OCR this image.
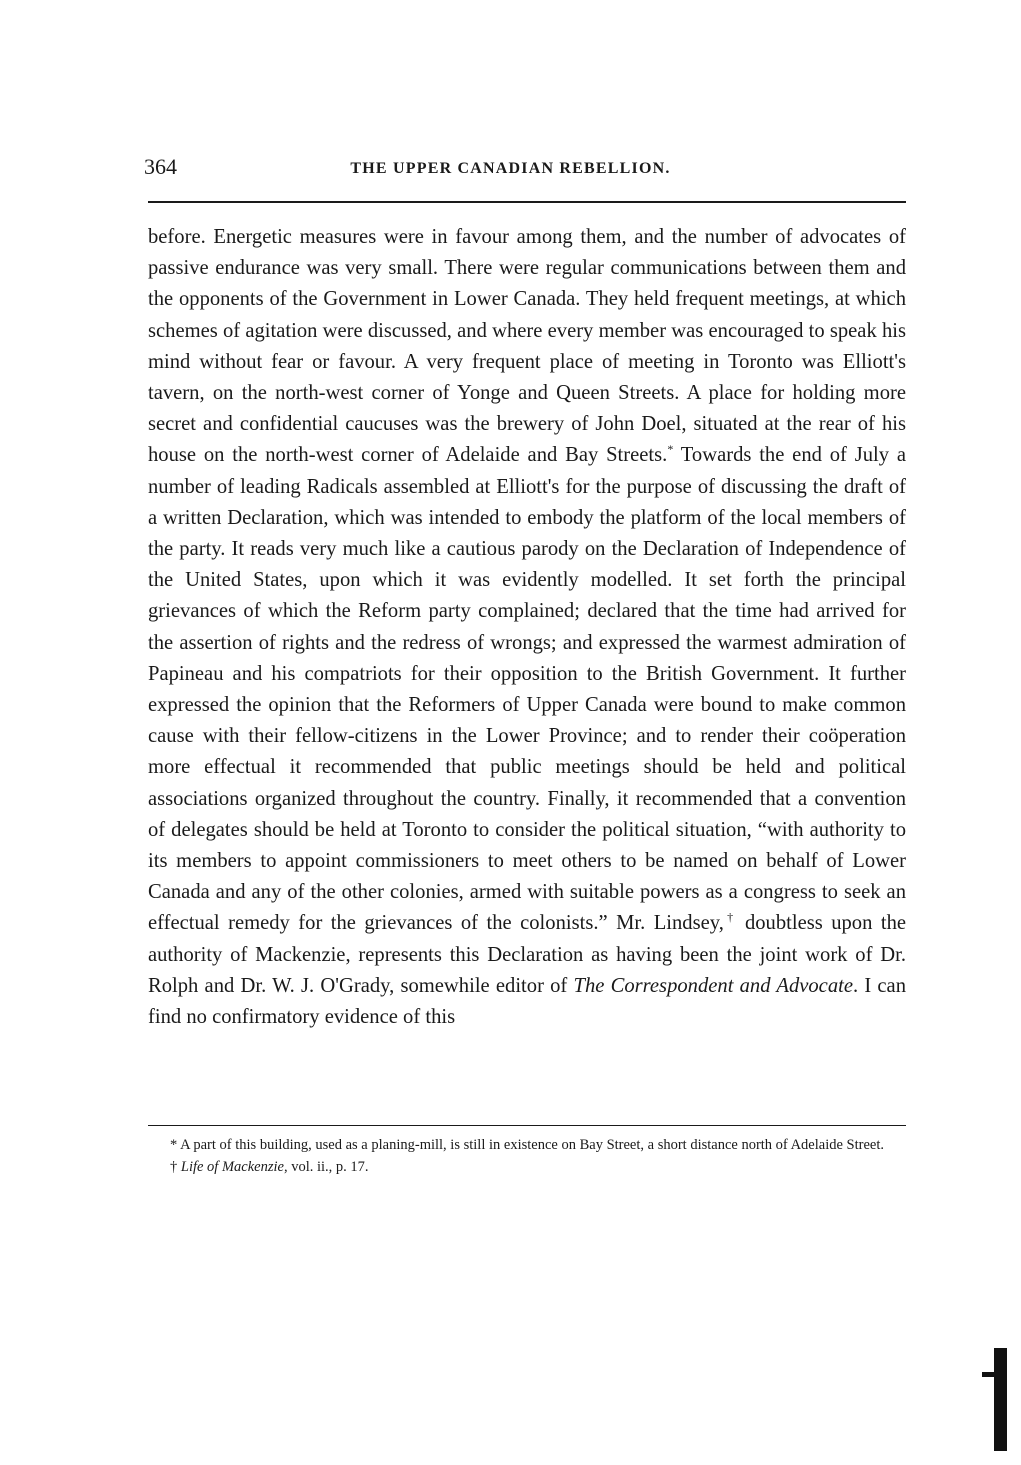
364	THE UPPER CANADIAN REBELLION.

before. Energetic measures were in favour among them, and the number of advocates of passive endurance was very small. There were regular communications between them and the opponents of the Government in Lower Canada. They held frequent meetings, at which schemes of agitation were discussed, and where every member was encouraged to speak his mind without fear or favour. A very frequent place of meeting in Toronto was Elliott's tavern, on the north-west corner of Yonge and Queen Streets. A place for holding more secret and confidential caucuses was the brewery of John Doel, situated at the rear of his house on the north-west corner of Adelaide and Bay Streets.* Towards the end of July a number of leading Radicals assembled at Elliott's for the purpose of discussing the draft of a written Declaration, which was intended to embody the platform of the local members of the party. It reads very much like a cautious parody on the Declaration of Independence of the United States, upon which it was evidently modelled. It set forth the principal grievances of which the Reform party complained; declared that the time had arrived for the assertion of rights and the redress of wrongs; and expressed the warmest admiration of Papineau and his compatriots for their opposition to the British Government. It further expressed the opinion that the Reformers of Upper Canada were bound to make common cause with their fellow-citizens in the Lower Province; and to render their coöperation more effectual it recommended that public meetings should be held and political associations organized throughout the country. Finally, it recommended that a convention of delegates should be held at Toronto to consider the political situation, “with authority to its members to appoint commissioners to meet others to be named on behalf of Lower Canada and any of the other colonies, armed with suitable powers as a congress to seek an effectual remedy for the grievances of the colonists.” Mr. Lindsey,† doubtless upon the authority of Mackenzie, represents this Declaration as having been the joint work of Dr. Rolph and Dr. W. J. O'Grady, somewhile editor of The Correspondent and Advocate. I can find no confirmatory evidence of this

* A part of this building, used as a planing-mill, is still in existence on Bay Street, a short distance north of Adelaide Street.

† Life of Mackenzie, vol. ii., p. 17.
